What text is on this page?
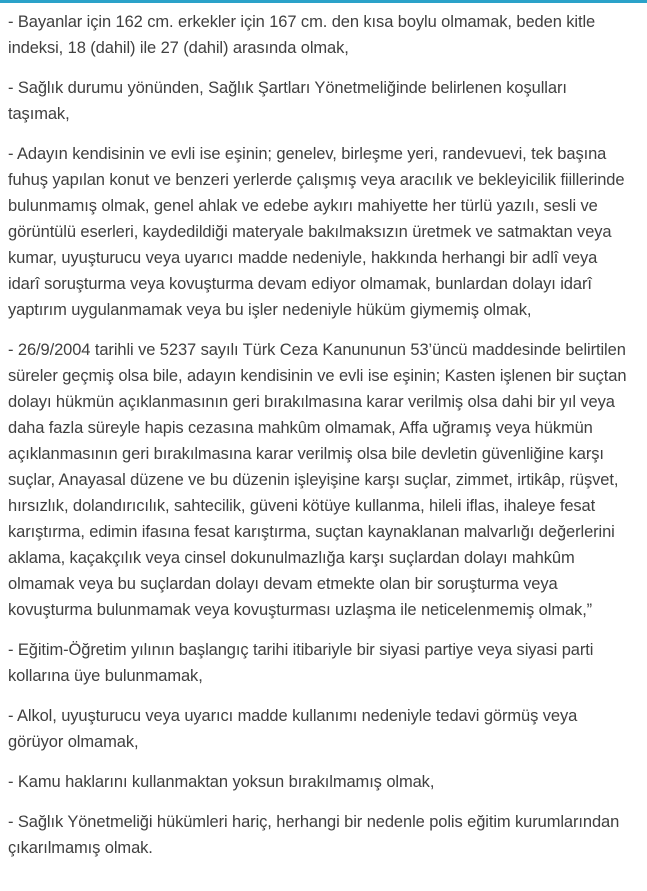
- Bayanlar için 162 cm. erkekler için 167 cm. den kısa boylu olmamak, beden kitle indeksi, 18 (dahil) ile 27 (dahil) arasında olmak,

- Sağlık durumu yönünden, Sağlık Şartları Yönetmeliğinde belirlenen koşulları taşımak,

- Adayın kendisinin ve evli ise eşinin; genelev, birleşme yeri, randevuevi, tek başına fuhuş yapılan konut ve benzeri yerlerde çalışmış veya aracılık ve bekleyicilik fiillerinde bulunmamış olmak, genel ahlak ve edebe aykırı mahiyette her türlü yazılı, sesli ve görüntülü eserleri, kaydedildiği materyale bakılmaksızın üretmek ve satmaktan veya kumar, uyuşturucu veya uyarıcı madde nedeniyle, hakkında herhangi bir adlî veya idarî soruşturma veya kovuşturma devam ediyor olmamak, bunlardan dolayı idarî yaptırım uygulanmamak veya bu işler nedeniyle hüküm giymemiş olmak,

- 26/9/2004 tarihli ve 5237 sayılı Türk Ceza Kanununun 53’üncü maddesinde belirtilen süreler geçmiş olsa bile, adayın kendisinin ve evli ise eşinin; Kasten işlenen bir suçtan dolayı hükmün açıklanmasının geri bırakılmasına karar verilmiş olsa dahi bir yıl veya daha fazla süreyle hapis cezasına mahkûm olmamak, Affa uğramış veya hükmün açıklanmasının geri bırakılmasına karar verilmiş olsa bile devletin güvenliğine karşı suçlar, Anayasal düzene ve bu düzenin işleyişine karşı suçlar, zimmet, irtikâp, rüşvet, hırsızlık, dolandırıcılık, sahtecilik, güveni kötüye kullanma, hileli iflas, ihaleye fesat karıştırma, edimin ifasına fesat karıştırma, suçtan kaynaklanan malvarlığı değerlerini aklama, kaçakçılık veya cinsel dokunulmazlığa karşı suçlardan dolayı mahkûm olmamak veya bu suçlardan dolayı devam etmekte olan bir soruşturma veya kovuşturma bulunmamak veya kovuşturması uzlaşma ile neticelenmemiş olmak,”

- Eğitim-Öğretim yılının başlangıç tarihi itibariyle bir siyasi partiye veya siyasi parti kollarına üye bulunmamak,

- Alkol, uyuşturucu veya uyarıcı madde kullanımı nedeniyle tedavi görmüş veya görüyor olmamak,

- Kamu haklarını kullanmaktan yoksun bırakılmamış olmak,

- Sağlık Yönetmeliği hükümleri hariç, herhangi bir nedenle polis eğitim kurumlarından çıkarılmamış olmak.
